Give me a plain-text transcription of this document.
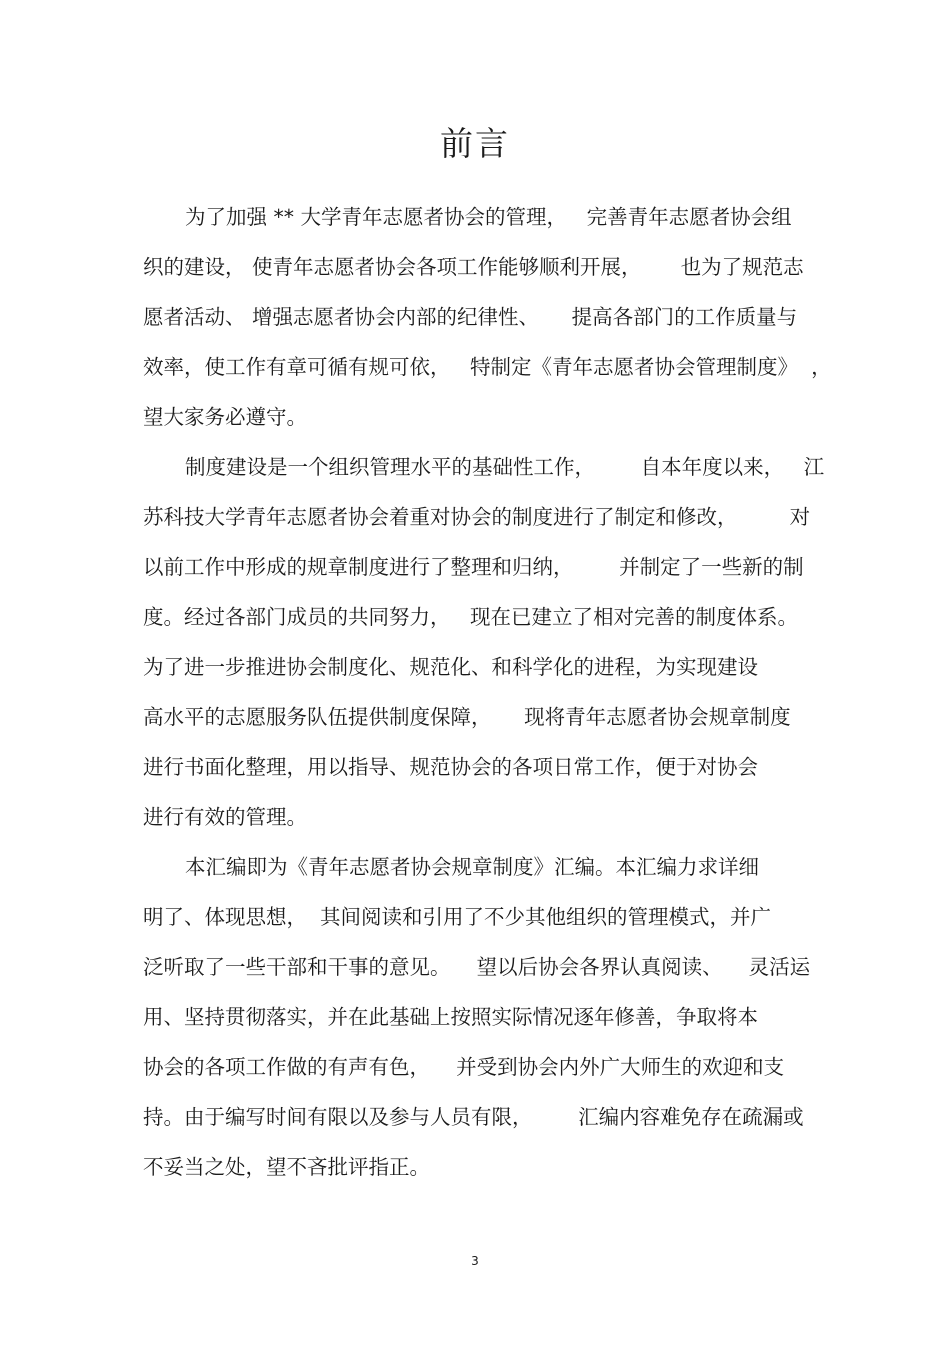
前言
为了加强 ** 大学青年志愿者协会的管理，   完善青年志愿者协会组
织的建设， 使青年志愿者协会各项工作能够顺利开展，      也为了规范志
愿者活动、 增强志愿者协会内部的纪律性、     提高各部门的工作质量与
效率，使工作有章可循有规可依，   特制定《青年志愿者协会管理制度》  ，
望大家务必遵守。
制度建设是一个组织管理水平的基础性工作，       自本年度以来，   江
苏科技大学青年志愿者协会着重对协会的制度进行了制定和修改，        对
以前工作中形成的规章制度进行了整理和归纳，       并制定了一些新的制
度。经过各部门成员的共同努力，   现在已建立了相对完善的制度体系。
为了进一步推进协会制度化、规范化、和科学化的进程，为实现建设
高水平的志愿服务队伍提供制度保障，     现将青年志愿者协会规章制度
进行书面化整理，用以指导、规范协会的各项日常工作，便于对协会
进行有效的管理。
本汇编即为《青年志愿者协会规章制度》汇编。本汇编力求详细
明了、体现思想，  其间阅读和引用了不少其他组织的管理模式，并广
泛听取了一些干部和干事的意见。    望以后协会各界认真阅读、    灵活运
用、坚持贯彻落实，并在此基础上按照实际情况逐年修善，争取将本
协会的各项工作做的有声有色，    并受到协会内外广大师生的欢迎和支
持。由于编写时间有限以及参与人员有限，       汇编内容难免存在疏漏或
不妥当之处，望不吝批评指正。
3
